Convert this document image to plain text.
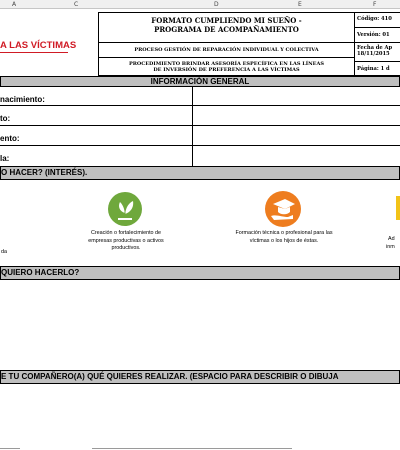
A	C	D	E	F
A LAS VÍCTIMAS
FORMATO CUMPLIENDO MI SUEÑO - PROGRAMA DE ACOMPAÑAMIENTO
PROCESO GESTIÓN DE REPARACIÓN INDIVIDUAL Y COLECTIVA
PROCEDIMIENTO BRINDAR ASESORÍA ESPECÍFICA EN LAS LÍNEAS DE INVERSIÓN DE PREFERENCIA A LAS VÍCTIMAS
Código: 410
Versión: 01
Fecha de Ap
18/11/2015
Página: 1 d
INFORMACIÓN GENERAL
nacimiento:
to:
ento:
la:
O HACER? (INTERÉS).
da
Creación o fortalecimiento de empresas productivas o activos productivos.
Formación técnica o profesional para las víctimas o los hijos de éstas.	Ad
inm
QUIERO HACERLO?
E TU COMPAÑERO(A) QUÉ QUIERES REALIZAR. (ESPACIO PARA DESCRIBIR O DIBUJA
